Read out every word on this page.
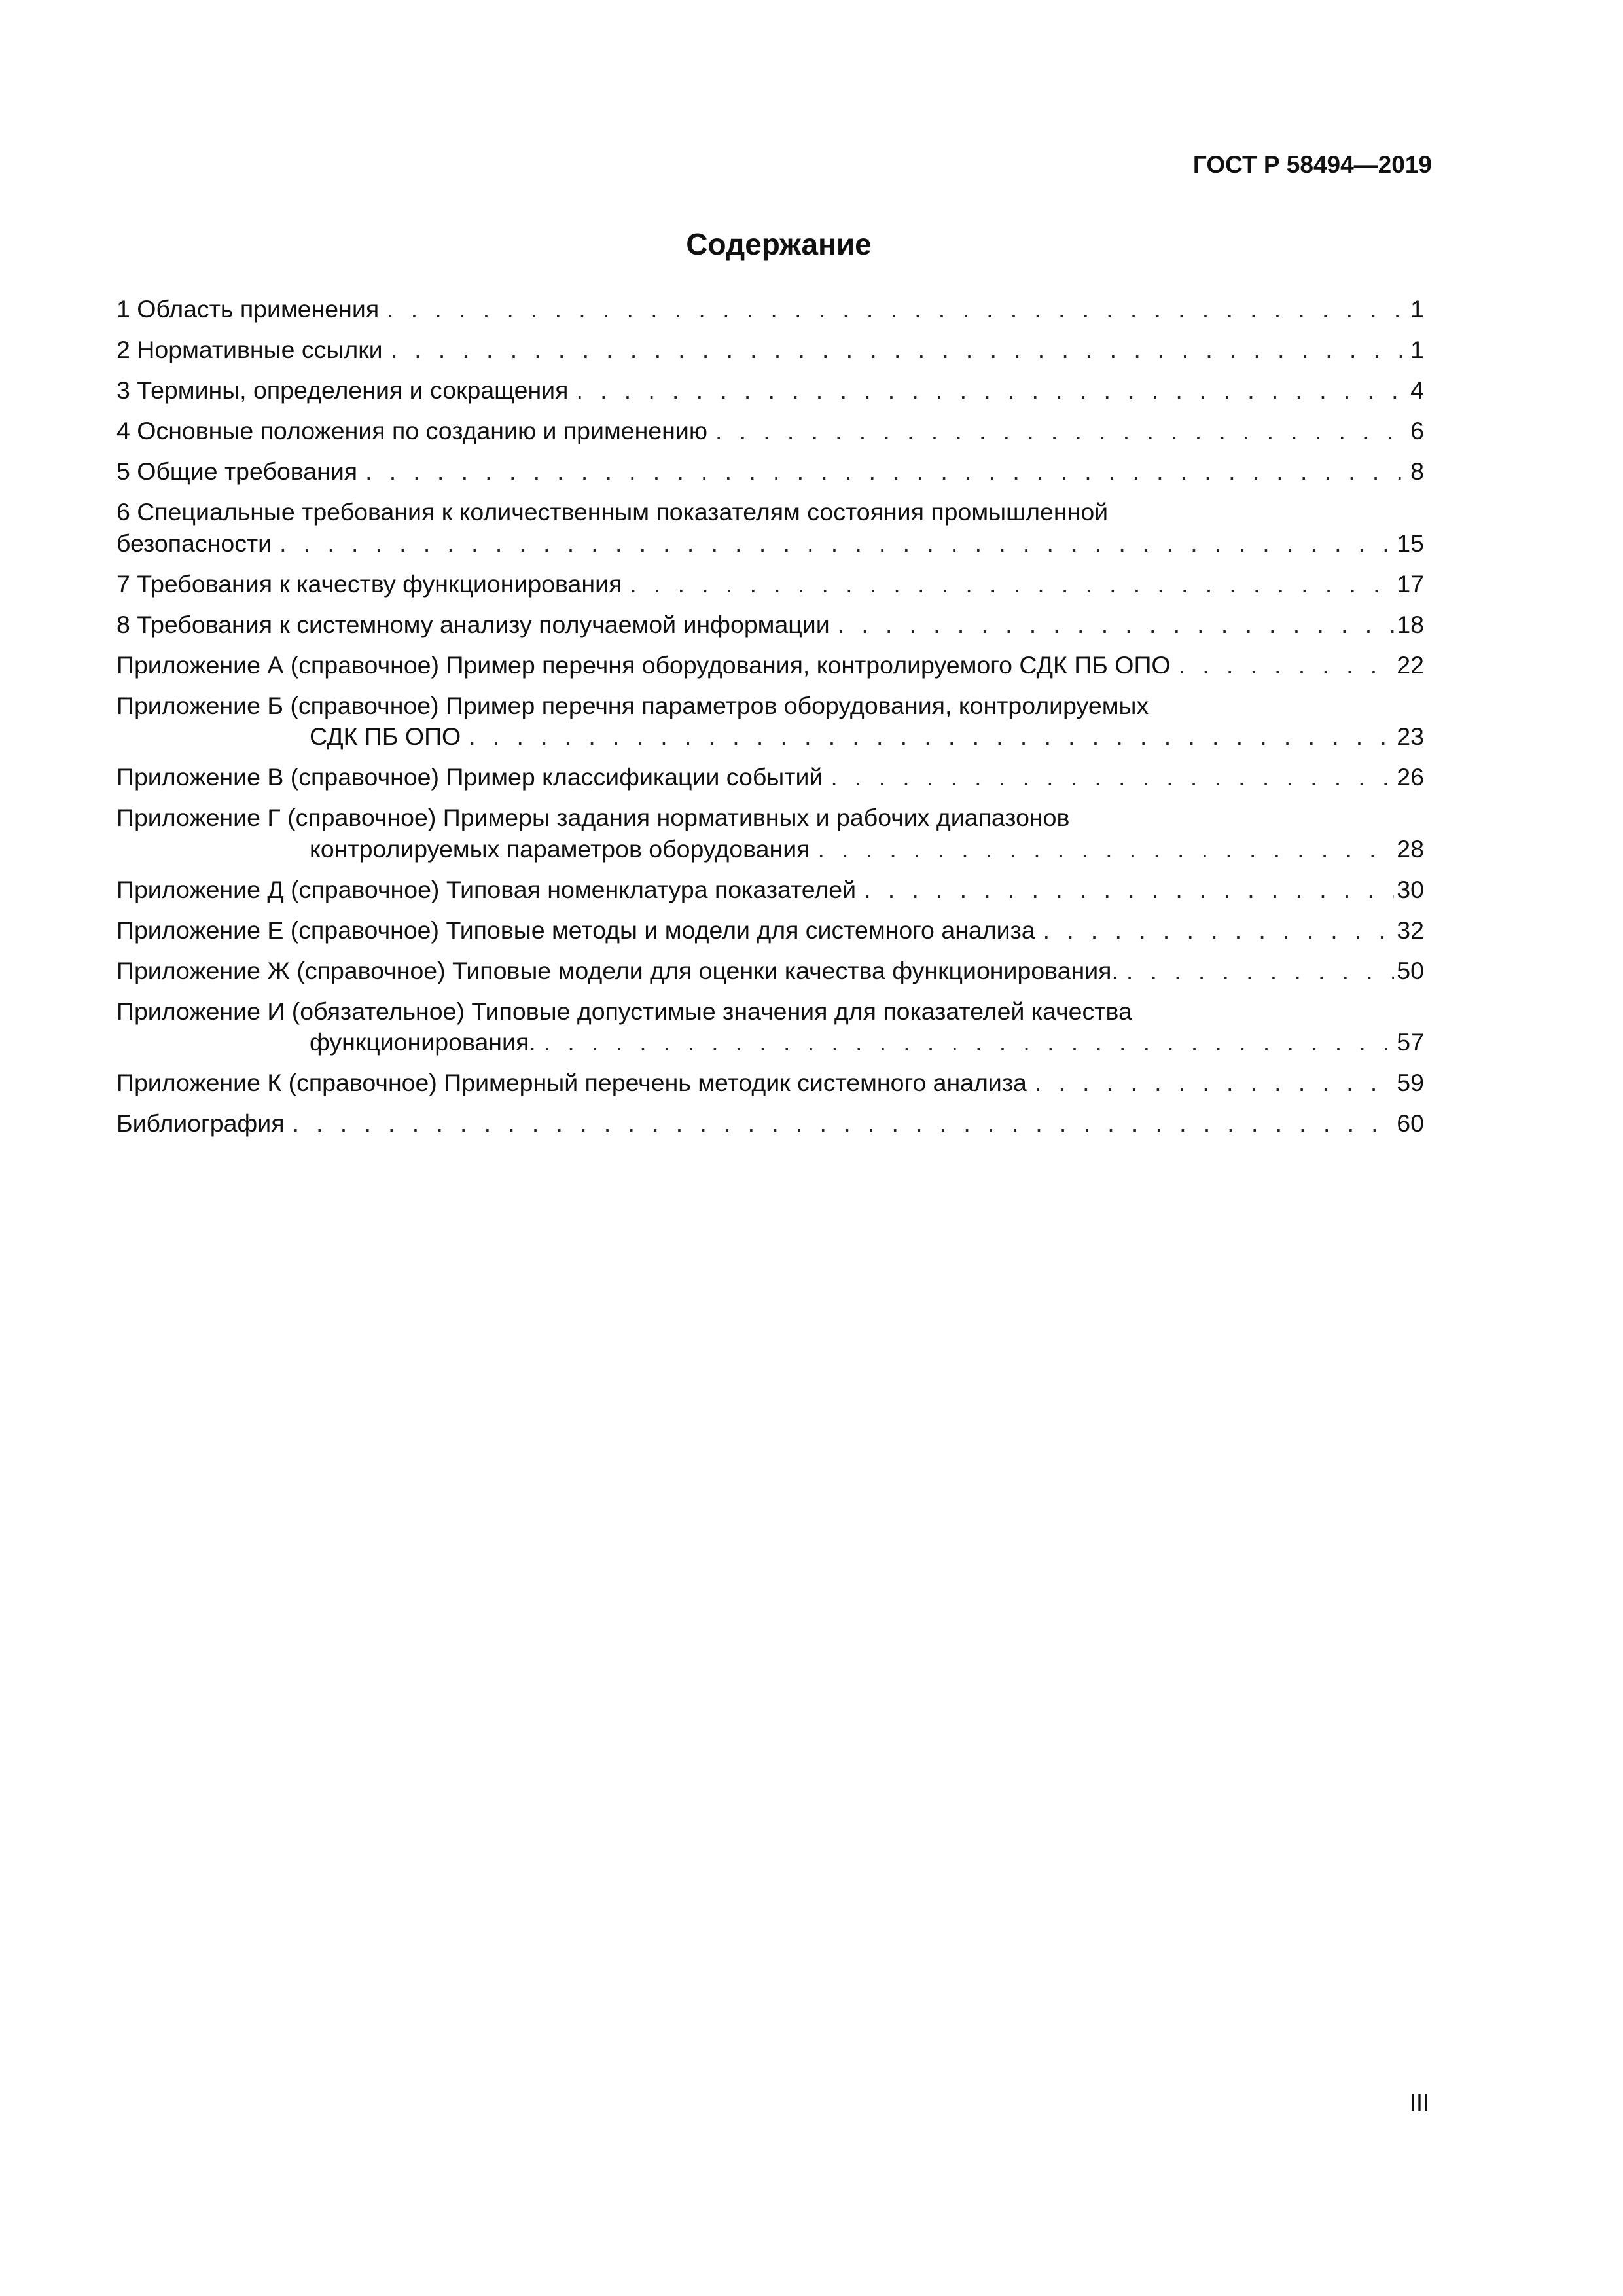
ГОСТ Р 58494—2019
Содержание
1 Область применения . . .	1
2 Нормативные ссылки . . .	1
3 Термины, определения и сокращения . . .	4
4 Основные положения по созданию и применению . . .	6
5 Общие требования . . .	8
6 Специальные требования к количественным показателям состояния промышленной
безопасности . . .	15
7 Требования к качеству функционирования . . .	17
8 Требования к системному анализу получаемой информации . . .	18
Приложение А (справочное) Пример перечня оборудования, контролируемого СДК ПБ ОПО . . .	22
Приложение Б (справочное) Пример перечня параметров оборудования, контролируемых
СДК ПБ ОПО . . .	23
Приложение В (справочное) Пример классификации событий . . .	26
Приложение Г (справочное) Примеры задания нормативных и рабочих диапазонов
контролируемых параметров оборудования . . .	28
Приложение Д (справочное) Типовая номенклатура показателей . . .	30
Приложение Е (справочное) Типовые методы и модели для системного анализа . . .	32
Приложение Ж (справочное) Типовые модели для оценки качества функционирования. . . .	50
Приложение И (обязательное) Типовые допустимые значения для показателей качества
функционирования. . . .	57
Приложение К (справочное) Примерный перечень методик системного анализа . . .	59
Библиография . . .	60
III
